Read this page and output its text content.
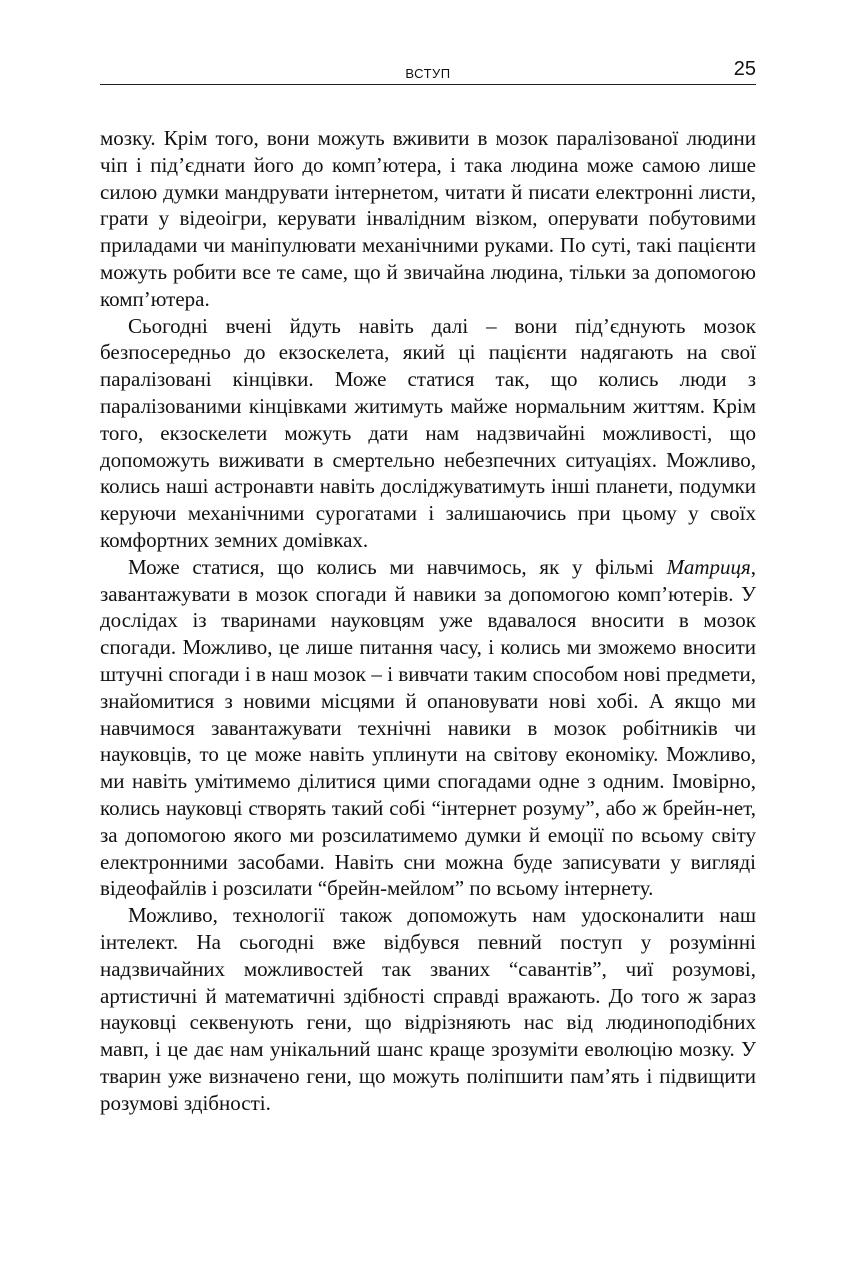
ВСТУП	25

мозку. Крім того, вони можуть вживити в мозок паралізованої людини чіп і під’єднати його до комп’ютера, і така людина може самою лише силою думки мандрувати інтернетом, читати й писати електронні листи, грати у відеоігри, керувати інвалідним візком, оперувати побутовими приладами чи маніпулювати механічними руками. По суті, такі пацієнти можуть робити все те саме, що й звичайна людина, тільки за допомогою комп’ютера.

Сьогодні вчені йдуть навіть далі – вони під’єднують мозок безпосередньо до екзоскелета, який ці пацієнти надягають на свої паралізовані кінцівки. Може статися так, що колись люди з паралізованими кінцівками житимуть майже нормальним життям. Крім того, екзоскелети можуть дати нам надзвичайні можливості, що допоможуть виживати в смертельно небезпечних ситуаціях. Можливо, колись наші астронавти навіть досліджуватимуть інші планети, подумки керуючи механічними сурогатами і залишаючись при цьому у своїх комфортних земних домівках.

Може статися, що колись ми навчимось, як у фільмі Матриця, завантажувати в мозок спогади й навики за допомогою комп’ютерів. У дослідах із тваринами науковцям уже вдавалося вносити в мозок спогади. Можливо, це лише питання часу, і колись ми зможемо вносити штучні спогади і в наш мозок – і вивчати таким способом нові предмети, знайомитися з новими місцями й опановувати нові хобі. А якщо ми навчимося завантажувати технічні навики в мозок робітників чи науковців, то це може навіть уплинути на світову економіку. Можливо, ми навіть умітимемо ділитися цими спогадами одне з одним. Імовірно, колись науковці створять такий собі “інтернет розуму”, або ж брейн-нет, за допомогою якого ми розсилатимемо думки й емоції по всьому світу електронними засобами. Навіть сни можна буде записувати у вигляді відеофайлів і розсилати “брейн-мейлом” по всьому інтернету.

Можливо, технології також допоможуть нам удосконалити наш інтелект. На сьогодні вже відбувся певний поступ у розумінні надзвичайних можливостей так званих “савантів”, чиї розумові, артистичні й математичні здібності справді вражають. До того ж зараз науковці секвенують гени, що відрізняють нас від людиноподібних мавп, і це дає нам унікальний шанс краще зрозуміти еволюцію мозку. У тварин уже визначено гени, що можуть поліпшити пам’ять і підвищити розумові здібності.
